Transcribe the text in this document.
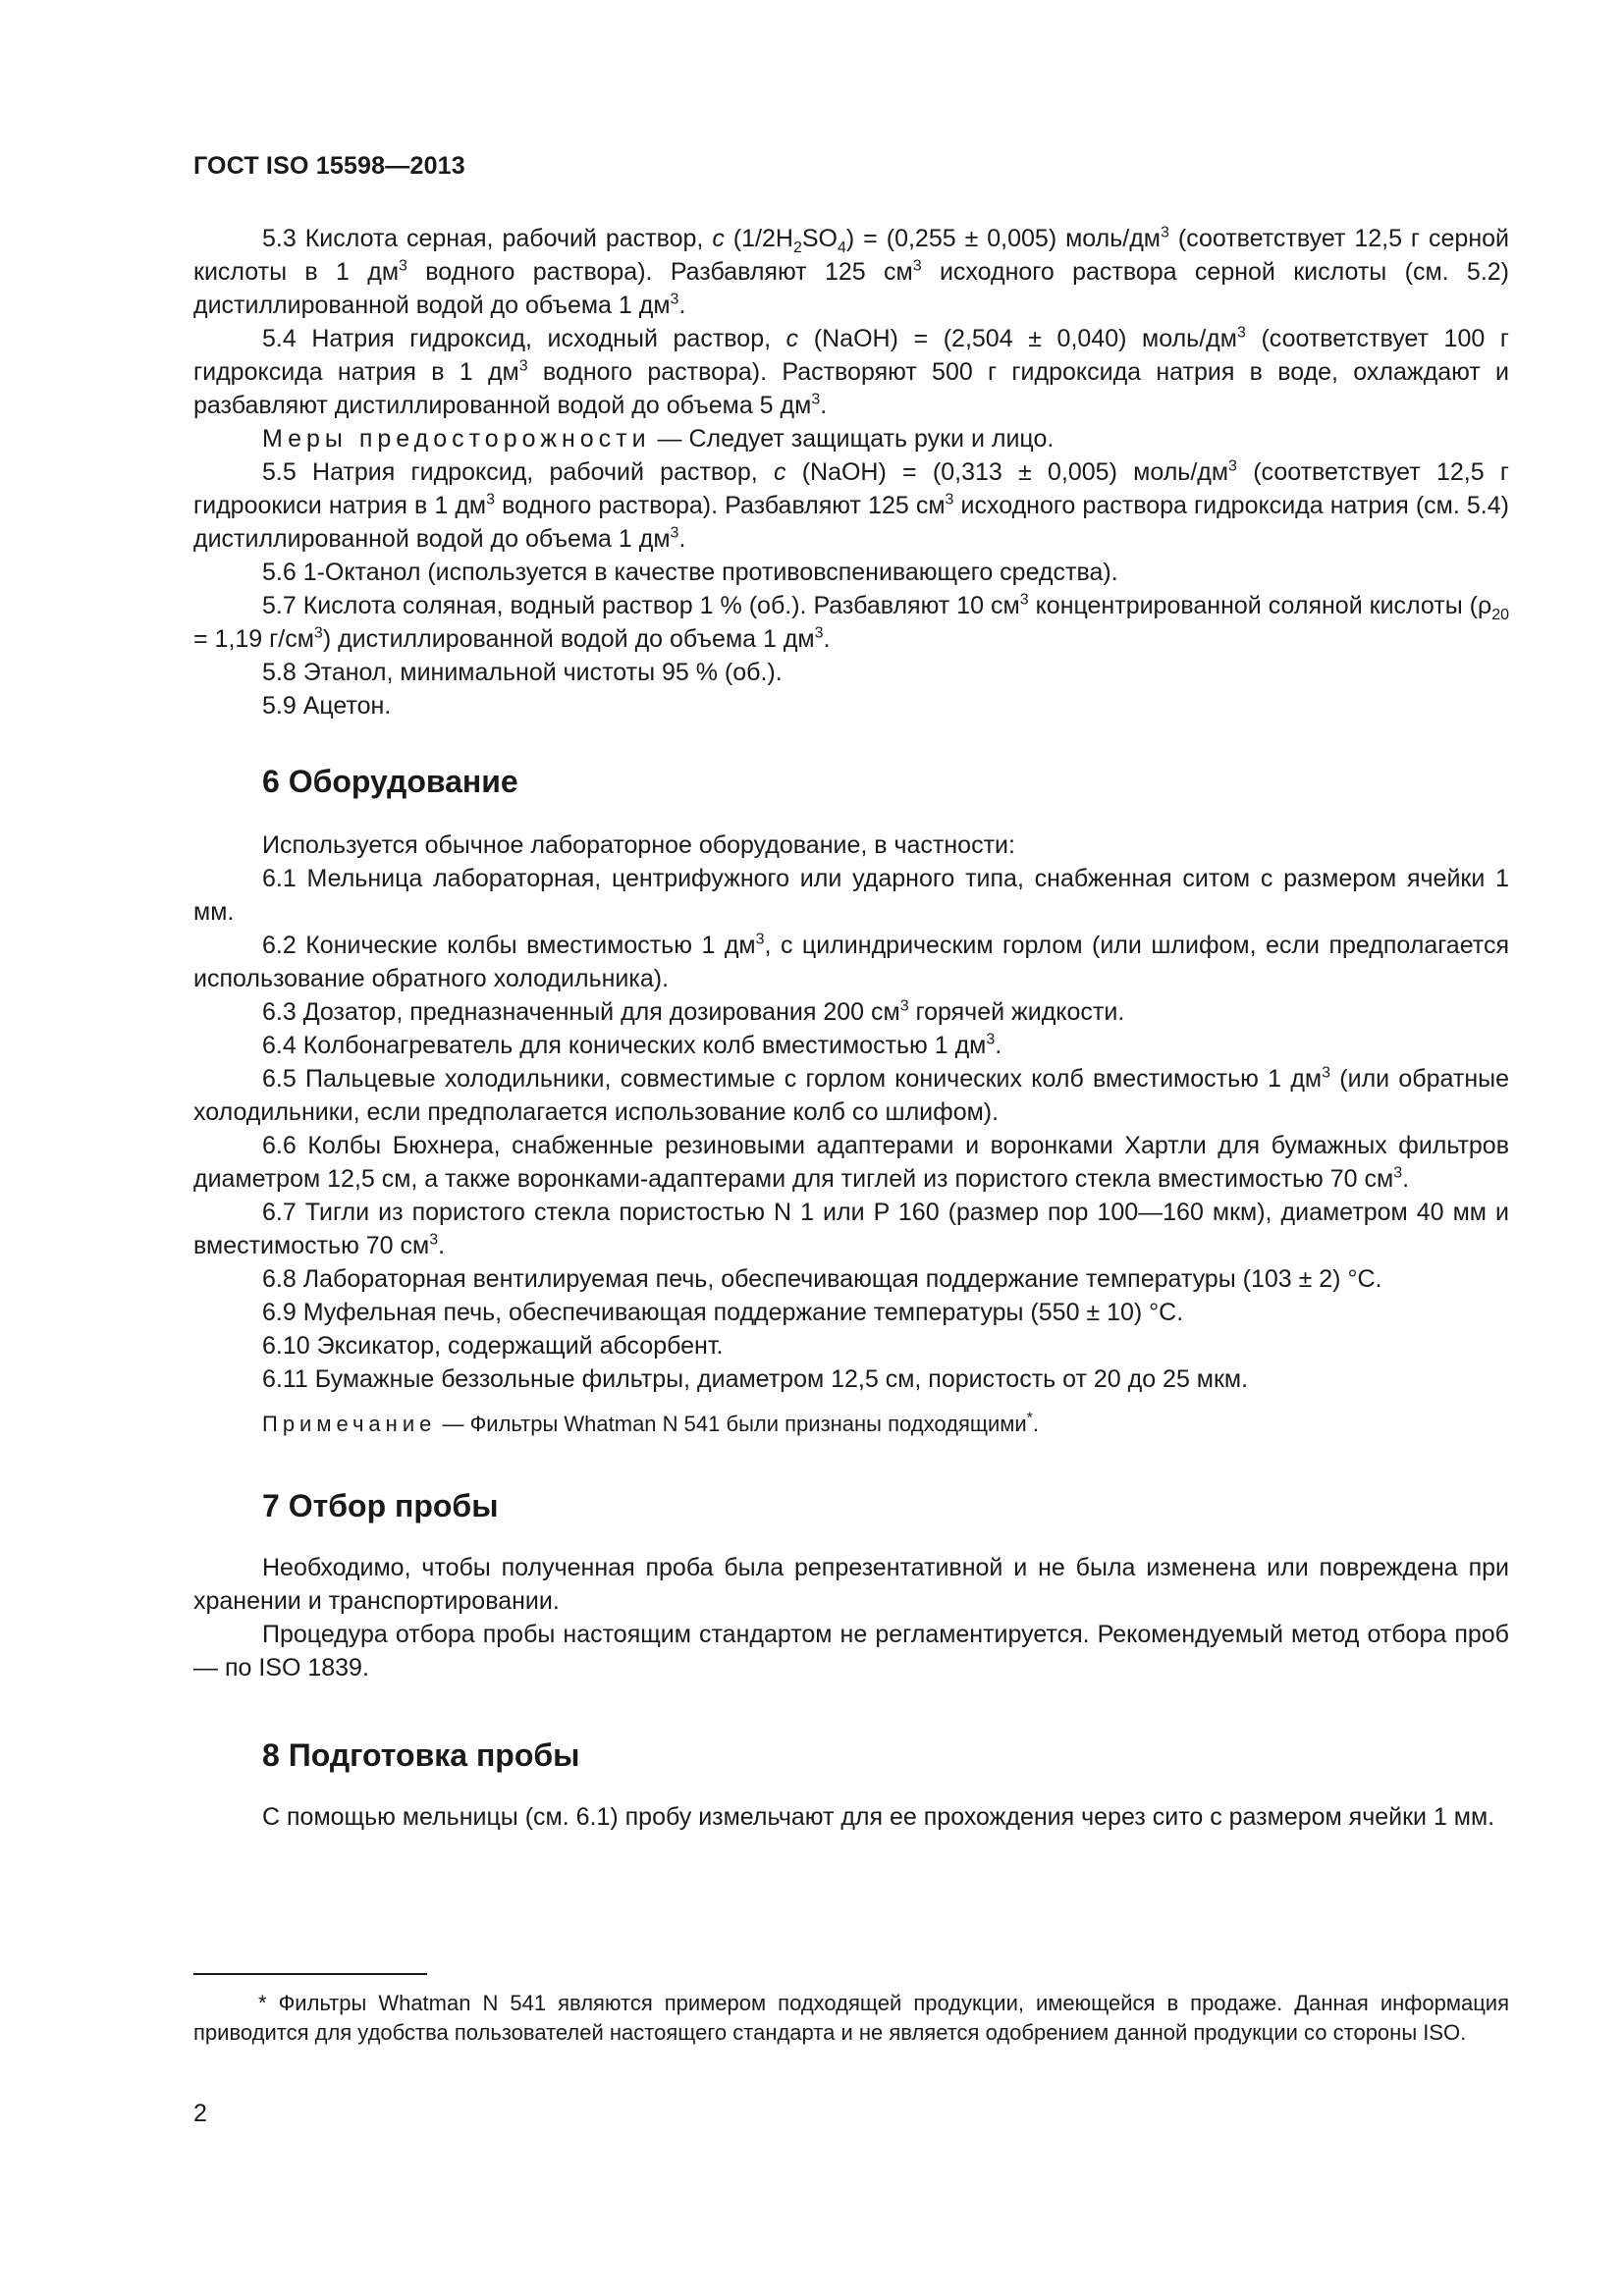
ГОСТ ISO 15598—2013

5.3 Кислота серная, рабочий раствор, c $(1/2H_2SO_4) = (0,255 \pm 0,005)$ моль/$дм^3$ (соответствует 12,5 г серной кислоты в 1 $дм^3$ водного раствора). Разбавляют 125 $см^3$ исходного раствора серной кислоты (см. 5.2) дистиллированной водой до объема 1 $дм^3$.

5.4 Натрия гидроксид, исходный раствор, c (NaOH) = (2,504 ± 0,040) моль/$дм^3$ (соответствует 100 г гидроксида натрия в 1 $дм^3$ водного раствора). Растворяют 500 г гидроксида натрия в воде, охлаждают и разбавляют дистиллированной водой до объема 5 $дм^3$.

Меры предосторожности — Следует защищать руки и лицо.

5.5 Натрия гидроксид, рабочий раствор, c (NaOH) = (0,313 ± 0,005) моль/$дм^3$ (соответствует 12,5 г гидроокиси натрия в 1 $дм^3$ водного раствора). Разбавляют 125 $см^3$ исходного раствора гидроксида натрия (см. 5.4) дистиллированной водой до объема 1 $дм^3$.

5.6 1-Октанол (используется в качестве противовспенивающего средства).

5.7 Кислота соляная, водный раствор 1 % (об.). Разбавляют 10 $см^3$ концентрированной соляной кислоты ($\rho_{20} = 1,19$ $г/см^3$) дистиллированной водой до объема 1 $дм^3$.

5.8 Этанол, минимальной чистоты 95 % (об.).

5.9 Ацетон.

6 Оборудование

Используется обычное лабораторное оборудование, в частности:

6.1 Мельница лабораторная, центрифужного или ударного типа, снабженная ситом с размером ячейки 1 мм.

6.2 Конические колбы вместимостью 1 $дм^3$, с цилиндрическим горлом (или шлифом, если предполагается использование обратного холодильника).

6.3 Дозатор, предназначенный для дозирования 200 $см^3$ горячей жидкости.

6.4 Колбонагреватель для конических колб вместимостью 1 $дм^3$.

6.5 Пальцевые холодильники, совместимые с горлом конических колб вместимостью 1 $дм^3$ (или обратные холодильники, если предполагается использование колб со шлифом).

6.6 Колбы Бюхнера, снабженные резиновыми адаптерами и воронками Хартли для бумажных фильтров диаметром 12,5 см, а также воронками-адаптерами для тиглей из пористого стекла вместимостью 70 $см^3$.

6.7 Тигли из пористого стекла пористостью N 1 или P 160 (размер пор 100—160 мкм), диаметром 40 мм и вместимостью 70 $см^3$.

6.8 Лабораторная вентилируемая печь, обеспечивающая поддержание температуры (103 ± 2) °C.

6.9 Муфельная печь, обеспечивающая поддержание температуры (550 ± 10) °C.

6.10 Эксикатор, содержащий абсорбент.

6.11 Бумажные беззольные фильтры, диаметром 12,5 см, пористость от 20 до 25 мкм.

Примечание — Фильтры Whatman N 541 были признаны подходящими*.

7 Отбор пробы

Необходимо, чтобы полученная проба была репрезентативной и не была изменена или повреждена при хранении и транспортировании.

Процедура отбора пробы настоящим стандартом не регламентируется. Рекомендуемый метод отбора проб — по ISO 1839.

8 Подготовка пробы

С помощью мельницы (см. 6.1) пробу измельчают для ее прохождения через сито с размером ячейки 1 мм.

* Фильтры Whatman N 541 являются примером подходящей продукции, имеющейся в продаже. Данная информация приводится для удобства пользователей настоящего стандарта и не является одобрением данной продукции со стороны ISO.
2
